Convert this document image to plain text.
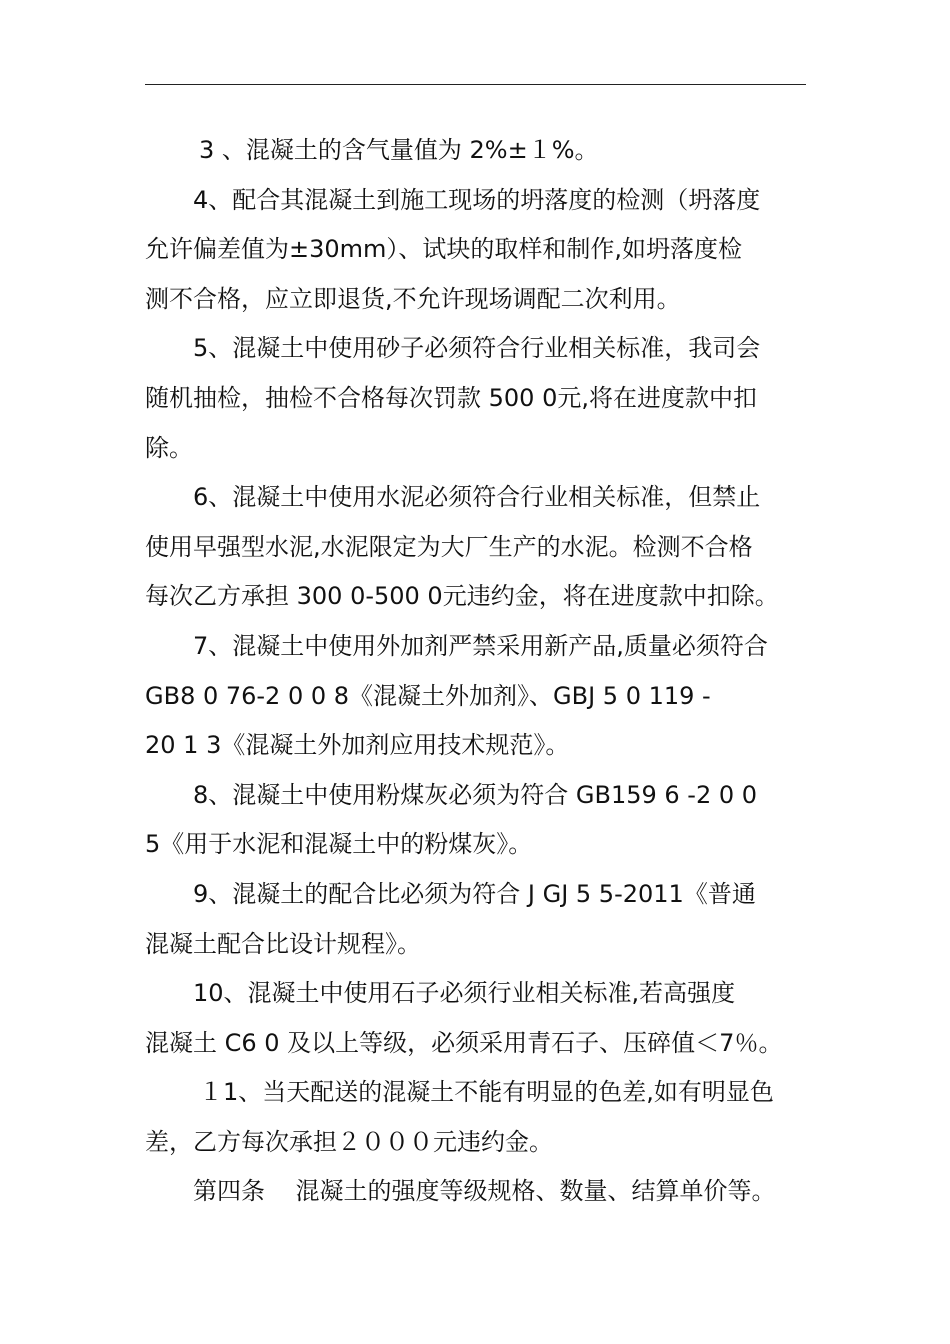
3 、混凝土的含气量值为 2%±１%。
4、配合其混凝土到施工现场的坍落度的检测（坍落度
允许偏差值为±30mm）、试块的取样和制作,如坍落度检
测不合格，应立即退货,不允许现场调配二次利用。
5、混凝土中使用砂子必须符合行业相关标准，我司会
随机抽检，抽检不合格每次罚款 500 0元,将在进度款中扣
除。
6、混凝土中使用水泥必须符合行业相关标准，但禁止
使用早强型水泥,水泥限定为大厂生产的水泥。检测不合格
每次乙方承担 300 0-500 0元违约金，将在进度款中扣除。
7、混凝土中使用外加剂严禁采用新产品,质量必须符合
GB8 0 76-2 0 0 8《混凝土外加剂》、GBJ 5 0 119 -
20 1 3《混凝土外加剂应用技术规范》。
8、混凝土中使用粉煤灰必须为符合 GB159 6 -2 0 0
5《用于水泥和混凝土中的粉煤灰》。
9、混凝土的配合比必须为符合 J GJ 5 5-2011《普通
混凝土配合比设计规程》。
10、混凝土中使用石子必须行业相关标准,若高强度
混凝土 C6 0 及以上等级，必须采用青石子、压碎值＜7％。
１1、当天配送的混凝土不能有明显的色差,如有明显色
差，乙方每次承担２０００元违约金。
第四条    混凝土的强度等级规格、数量、结算单价等。
